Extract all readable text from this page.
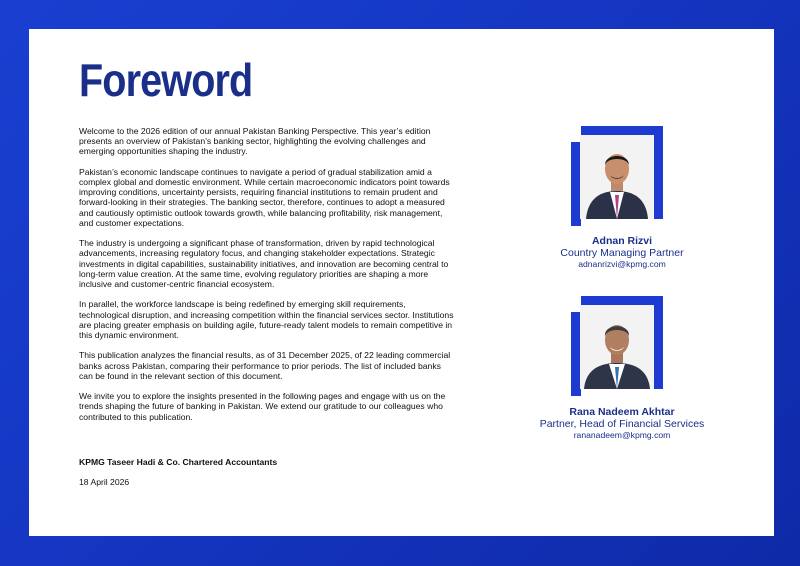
Foreword

Welcome to the 2026 edition of our annual Pakistan Banking Perspective. This year’s edition presents an overview of Pakistan’s banking sector, highlighting the evolving challenges and emerging opportunities shaping the industry.

Pakistan’s economic landscape continues to navigate a period of gradual stabilization amid a complex global and domestic environment. While certain macroeconomic indicators point towards improving conditions, uncertainty persists, requiring financial institutions to remain prudent and forward-looking in their strategies. The banking sector, therefore, continues to adopt a measured and cautiously optimistic outlook towards growth, while balancing profitability, risk management, and customer expectations.

The industry is undergoing a significant phase of transformation, driven by rapid technological advancements, increasing regulatory focus, and changing stakeholder expectations. Strategic investments in digital capabilities, sustainability initiatives, and innovation are becoming central to long-term value creation. At the same time, evolving regulatory priorities are shaping a more inclusive and customer-centric financial ecosystem.

In parallel, the workforce landscape is being redefined by emerging skill requirements, technological disruption, and increasing competition within the financial services sector. Institutions are placing greater emphasis on building agile, future-ready talent models to remain competitive in this dynamic environment.

This publication analyzes the financial results, as of 31 December 2025, of 22 leading commercial banks across Pakistan, comparing their performance to prior periods. The list of included banks can be found in the relevant section of this document.

We invite you to explore the insights presented in the following pages and engage with us on the trends shaping the future of banking in Pakistan. We extend our gratitude to our colleagues who contributed to this publication.

KPMG Taseer Hadi & Co. Chartered Accountants
18 April 2026
Adnan Rizvi
Country Managing Partner
adnanrizvi@kpmg.com
Rana Nadeem Akhtar
Partner, Head of Financial Services
rananadeem@kpmg.com
